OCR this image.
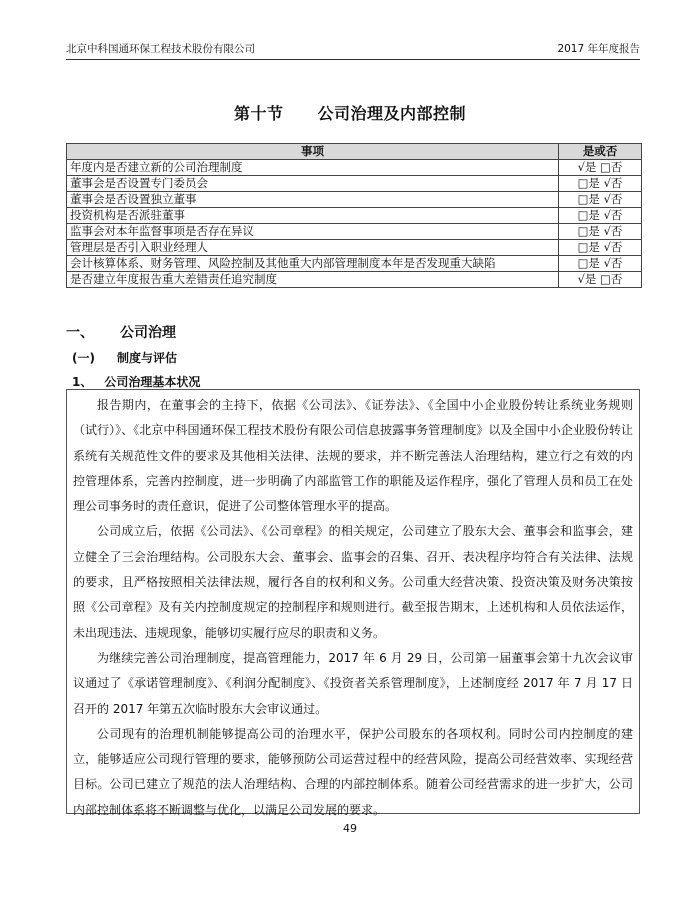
北京中科国通环保工程技术股份有限公司	2017 年年度报告
第十节 公司治理及内部控制
事项	是或否
年度内是否建立新的公司治理制度	√是 □否
董事会是否设置专门委员会	□是 √否
董事会是否设置独立董事	□是 √否
投资机构是否派驻董事	□是 √否
监事会对本年监督事项是否存在异议	□是 √否
管理层是否引入职业经理人	□是 √否
会计核算体系、财务管理、风险控制及其他重大内部管理制度本年是否发现重大缺陷	□是 √否
是否建立年度报告重大差错责任追究制度	√是 □否
一、 公司治理
(一) 制度与评估
1、 公司治理基本状况

报告期内，在董事会的主持下，依据《公司法》、《证券法》、《全国中小企业股份转让系统业务规则（试行）》、《北京中科国通环保工程技术股份有限公司信息披露事务管理制度》以及全国中小企业股份转让系统有关规范性文件的要求及其他相关法律、法规的要求，并不断完善法人治理结构，建立行之有效的内控管理体系，完善内控制度，进一步明确了内部监管工作的职能及运作程序，强化了管理人员和员工在处理公司事务时的责任意识，促进了公司整体管理水平的提高。

公司成立后，依据《公司法》、《公司章程》的相关规定，公司建立了股东大会、董事会和监事会，建立健全了三会治理结构。公司股东大会、董事会、监事会的召集、召开、表决程序均符合有关法律、法规的要求，且严格按照相关法律法规，履行各自的权利和义务。公司重大经营决策、投资决策及财务决策按照《公司章程》及有关内控制度规定的控制程序和规则进行。截至报告期末，上述机构和人员依法运作，未出现违法、违规现象，能够切实履行应尽的职责和义务。

为继续完善公司治理制度，提高管理能力，2017 年 6 月 29 日，公司第一届董事会第十九次会议审议通过了《承诺管理制度》、《利润分配制度》、《投资者关系管理制度》，上述制度经 2017 年 7 月 17 日召开的 2017 年第五次临时股东大会审议通过。

公司现有的治理机制能够提高公司的治理水平，保护公司股东的各项权利。同时公司内控制度的建立，能够适应公司现行管理的要求，能够预防公司运营过程中的经营风险，提高公司经营效率、实现经营目标。公司已建立了规范的法人治理结构、合理的内部控制体系。随着公司经营需求的进一步扩大，公司内部控制体系将不断调整与优化，以满足公司发展的要求。

49
